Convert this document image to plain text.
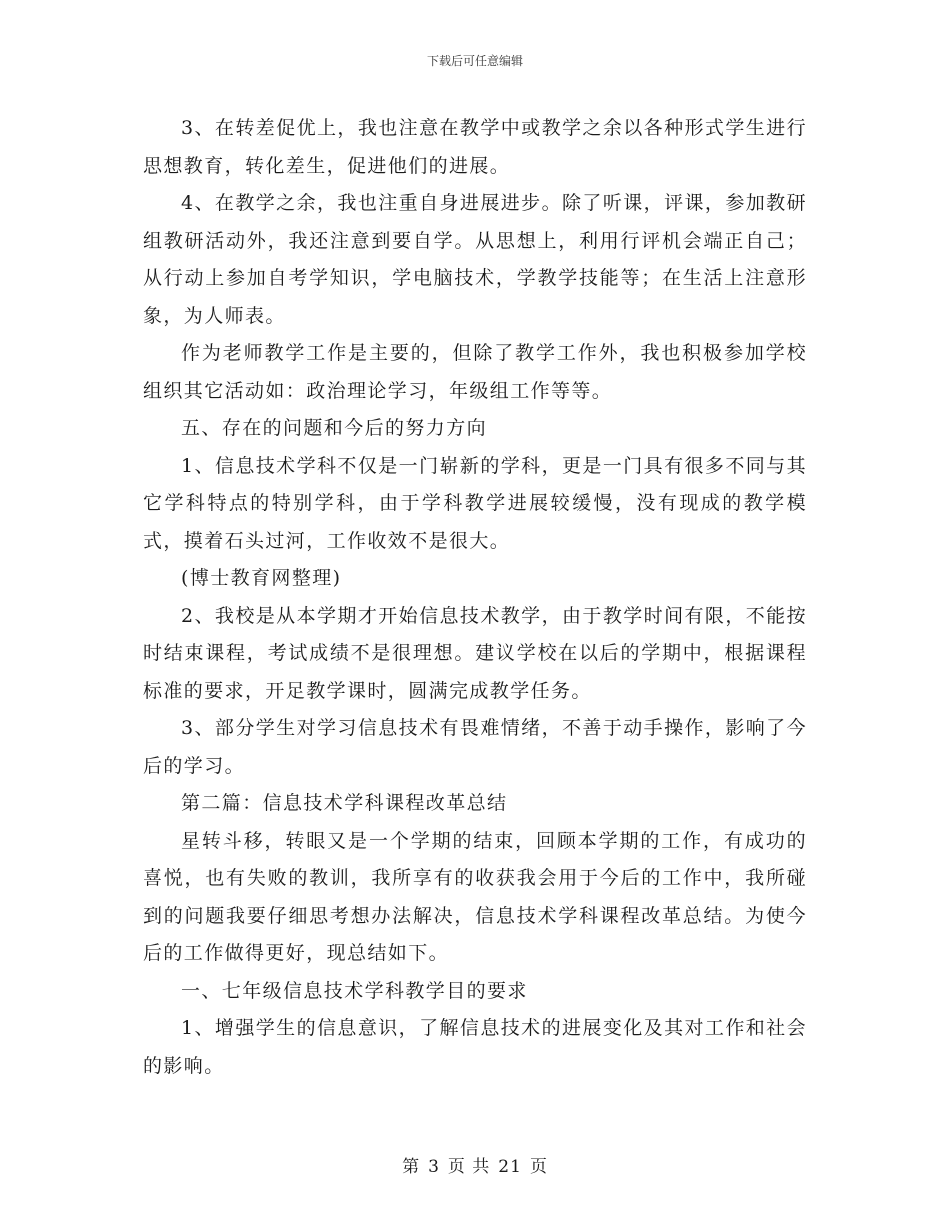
下载后可任意编辑

3、在转差促优上，我也注意在教学中或教学之余以各种形式学生进行思想教育，转化差生，促进他们的进展。

4、在教学之余，我也注重自身进展进步。除了听课，评课，参加教研组教研活动外，我还注意到要自学。从思想上，利用行评机会端正自己；从行动上参加自考学知识，学电脑技术，学教学技能等；在生活上注意形象，为人师表。

作为老师教学工作是主要的，但除了教学工作外，我也积极参加学校组织其它活动如：政治理论学习，年级组工作等等。

五、存在的问题和今后的努力方向

1、信息技术学科不仅是一门崭新的学科，更是一门具有很多不同与其它学科特点的特别学科，由于学科教学进展较缓慢，没有现成的教学模式，摸着石头过河，工作收效不是很大。

(博士教育网整理)

2、我校是从本学期才开始信息技术教学，由于教学时间有限，不能按时结束课程，考试成绩不是很理想。建议学校在以后的学期中，根据课程标准的要求，开足教学课时，圆满完成教学任务。

3、部分学生对学习信息技术有畏难情绪，不善于动手操作，影响了今后的学习。

第二篇：信息技术学科课程改革总结

星转斗移，转眼又是一个学期的结束，回顾本学期的工作，有成功的喜悦，也有失败的教训，我所享有的收获我会用于今后的工作中，我所碰到的问题我要仔细思考想办法解决，信息技术学科课程改革总结。为使今后的工作做得更好，现总结如下。

一、七年级信息技术学科教学目的要求

1、增强学生的信息意识，了解信息技术的进展变化及其对工作和社会的影响。

第 3 页 共 21 页
